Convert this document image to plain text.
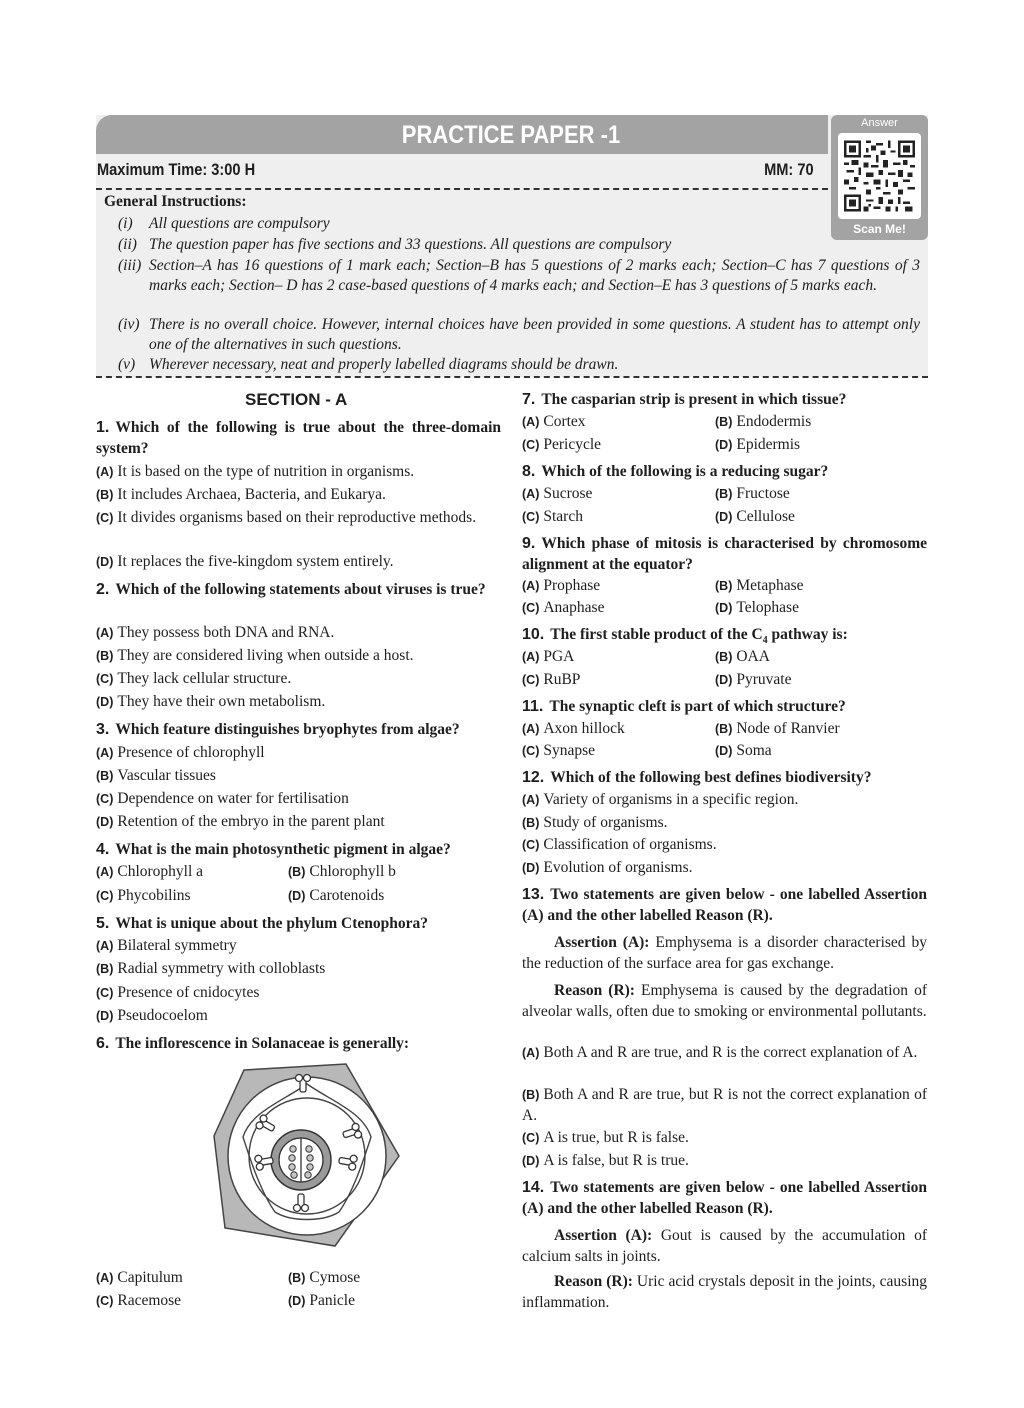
PRACTICE PAPER -1	Answer
Scan Me!
Maximum Time: 3:00 H	MM: 70
General Instructions:
(i)	All questions are compulsory
(ii) The question paper has five sections and 33 questions. All questions are compulsory
(iii) Section–A has 16 questions of 1 mark each; Section–B has 5 questions of 2 marks each; Section–C has 7 questions of 3 marks each; Section– D has 2 case-based questions of 4 marks each; and Section–E has 3 questions of 5 marks each.
(iv) There is no overall choice. However, internal choices have been provided in some questions. A student has to attempt only one of the alternatives in such questions.
(v) Wherever necessary, neat and properly labelled diagrams should be drawn.
SECTION - A
1. Which of the following is true about the three-domain system?
(A) It is based on the type of nutrition in organisms.
(B) It includes Archaea, Bacteria, and Eukarya.
(C) It divides organisms based on their reproductive methods.
(D) It replaces the five-kingdom system entirely.
2. Which of the following statements about viruses is true?
(A) They possess both DNA and RNA.
(B) They are considered living when outside a host.
(C) They lack cellular structure.
(D) They have their own metabolism.
3. Which feature distinguishes bryophytes from algae?
(A) Presence of chlorophyll
(B) Vascular tissues
(C) Dependence on water for fertilisation
(D) Retention of the embryo in the parent plant
4. What is the main photosynthetic pigment in algae?
(A) Chlorophyll a	(B) Chlorophyll b
(C) Phycobilins	(D) Carotenoids
5. What is unique about the phylum Ctenophora?
(A) Bilateral symmetry
(B) Radial symmetry with colloblasts
(C) Presence of cnidocytes
(D) Pseudocoelom
6. The inflorescence in Solanaceae is generally:
(A) Capitulum	(B) Cymose
(C) Racemose	(D) Panicle
7. The casparian strip is present in which tissue?
(A) Cortex	(B) Endodermis
(C) Pericycle	(D) Epidermis
8. Which of the following is a reducing sugar?
(A) Sucrose	(B) Fructose
(C) Starch	(D) Cellulose
9. Which phase of mitosis is characterised by chromosome alignment at the equator?
(A) Prophase	(B) Metaphase
(C) Anaphase	(D) Telophase
10. The first stable product of the $C_4$ pathway is:
(A) PGA	(B) OAA
(C) RuBP	(D) Pyruvate
11. The synaptic cleft is part of which structure?
(A) Axon hillock	(B) Node of Ranvier
(C) Synapse	(D) Soma
12. Which of the following best defines biodiversity?
(A) Variety of organisms in a specific region.
(B) Study of organisms.
(C) Classification of organisms.
(D) Evolution of organisms.
13. Two statements are given below - one labelled Assertion (A) and the other labelled Reason (R).
Assertion (A): Emphysema is a disorder characterised by the reduction of the surface area for gas exchange.
Reason (R): Emphysema is caused by the degradation of alveolar walls, often due to smoking or environmental pollutants.
(A) Both A and R are true, and R is the correct explanation of A.
(B) Both A and R are true, but R is not the correct explanation of A.
(C) A is true, but R is false.
(D) A is false, but R is true.
14. Two statements are given below - one labelled Assertion (A) and the other labelled Reason (R).
Assertion (A): Gout is caused by the accumulation of calcium salts in joints.
Reason (R): Uric acid crystals deposit in the joints, causing inflammation.
